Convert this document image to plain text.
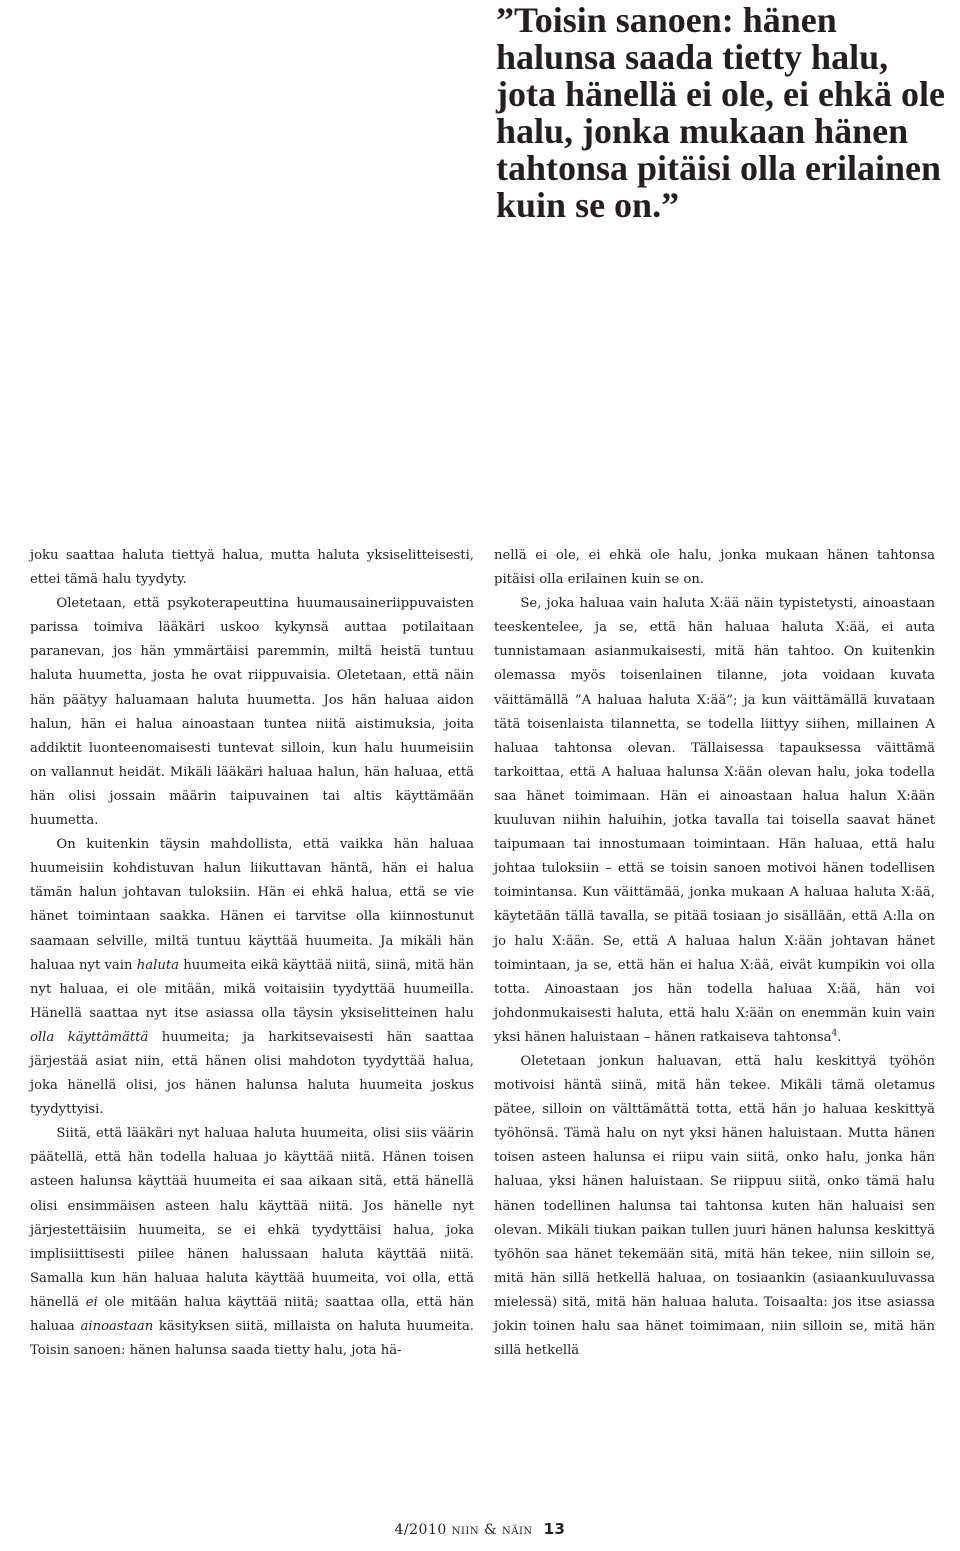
”Toisin sanoen: hänen halunsa saada tietty halu, jota hänellä ei ole, ei ehkä ole halu, jonka mukaan hänen tahtonsa pitäisi olla erilainen kuin se on.”

joku saattaa haluta tiettyä halua, mutta haluta yksiselitteisesti, ettei tämä halu tyydyty.

Oletetaan, että psykoterapeuttina huumausaineriippuvaisten parissa toimiva lääkäri uskoo kykynsä auttaa potilaitaan paranevan, jos hän ymmärtäisi paremmin, miltä heistä tuntuu haluta huumetta, josta he ovat riippuvaisia. Oletetaan, että näin hän päätyy haluamaan haluta huumetta. Jos hän haluaa aidon halun, hän ei halua ainoastaan tuntea niitä aistimuksia, joita addiktit luonteenomaisesti tuntevat silloin, kun halu huumeisiin on vallannut heidät. Mikäli lääkäri haluaa halun, hän haluaa, että hän olisi jossain määrin taipuvainen tai altis käyttämään huumetta.

On kuitenkin täysin mahdollista, että vaikka hän haluaa huumeisiin kohdistuvan halun liikuttavan häntä, hän ei halua tämän halun johtavan tuloksiin. Hän ei ehkä halua, että se vie hänet toimintaan saakka. Hänen ei tarvitse olla kiinnostunut saamaan selville, miltä tuntuu käyttää huumeita. Ja mikäli hän haluaa nyt vain haluta huumeita eikä käyttää niitä, siinä, mitä hän nyt haluaa, ei ole mitään, mikä voitaisiin tyydyttää huumeilla. Hänellä saattaa nyt itse asiassa olla täysin yksiselitteinen halu olla käyttämättä huumeita; ja harkitsevaisesti hän saattaa järjestää asiat niin, että hänen olisi mahdoton tyydyttää halua, joka hänellä olisi, jos hänen halunsa haluta huumeita joskus tyydyttyisi.

Siitä, että lääkäri nyt haluaa haluta huumeita, olisi siis väärin päätellä, että hän todella haluaa jo käyttää niitä. Hänen toisen asteen halunsa käyttää huumeita ei saa aikaan sitä, että hänellä olisi ensimmäisen asteen halu käyttää niitä. Jos hänelle nyt järjestettäisiin huumeita, se ei ehkä tyydyttäisi halua, joka implisiittisesti piilee hänen halussaan haluta käyttää niitä. Samalla kun hän haluaa haluta käyttää huumeita, voi olla, että hänellä ei ole mitään halua käyttää niitä; saattaa olla, että hän haluaa ainoastaan käsityksen siitä, millaista on haluta huumeita. Toisin sanoen: hänen halunsa saada tietty halu, jota hä-

nellä ei ole, ei ehkä ole halu, jonka mukaan hänen tahtonsa pitäisi olla erilainen kuin se on.

Se, joka haluaa vain haluta X:ää näin typistetysti, ainoastaan teeskentelee, ja se, että hän haluaa haluta X:ää, ei auta tunnistamaan asianmukaisesti, mitä hän tahtoo. On kuitenkin olemassa myös toisenlainen tilanne, jota voidaan kuvata väittämällä ”A haluaa haluta X:ää”; ja kun väittämällä kuvataan tätä toisenlaista tilannetta, se todella liittyy siihen, millainen A haluaa tahtonsa olevan. Tällaisessa tapauksessa väittämä tarkoittaa, että A haluaa halunsa X:ään olevan halu, joka todella saa hänet toimimaan. Hän ei ainoastaan halua halun X:ään kuuluvan niihin haluihin, jotka tavalla tai toisella saavat hänet taipumaan tai innostumaan toimintaan. Hän haluaa, että halu johtaa tuloksiin – että se toisin sanoen motivoi hänen todellisen toimintansa. Kun väittämää, jonka mukaan A haluaa haluta X:ää, käytetään tällä tavalla, se pitää tosiaan jo sisällään, että A:lla on jo halu X:ään. Se, että A haluaa halun X:ään johtavan hänet toimintaan, ja se, että hän ei halua X:ää, eivät kumpikin voi olla totta. Ainoastaan jos hän todella haluaa X:ää, hän voi johdonmukaisesti haluta, että halu X:ään on enemmän kuin vain yksi hänen haluistaan – hänen ratkaiseva tahtonsa$^4$.

Oletetaan jonkun haluavan, että halu keskittyä työhön motivoisi häntä siinä, mitä hän tekee. Mikäli tämä oletamus pätee, silloin on välttämättä totta, että hän jo haluaa keskittyä työhönsä. Tämä halu on nyt yksi hänen haluistaan. Mutta hänen toisen asteen halunsa ei riipu vain siitä, onko halu, jonka hän haluaa, yksi hänen haluistaan. Se riippuu siitä, onko tämä halu hänen todellinen halunsa tai tahtonsa kuten hän haluaisi sen olevan. Mikäli tiukan paikan tullen juuri hänen halunsa keskittyä työhön saa hänet tekemään sitä, mitä hän tekee, niin silloin se, mitä hän sillä hetkellä haluaa, on tosiaankin (asiaankuuluvassa mielessä) sitä, mitä hän haluaa haluta. Toisaalta: jos itse asiassa jokin toinen halu saa hänet toimimaan, niin silloin se, mitä hän sillä hetkellä

4/2010 niin & näin 13
